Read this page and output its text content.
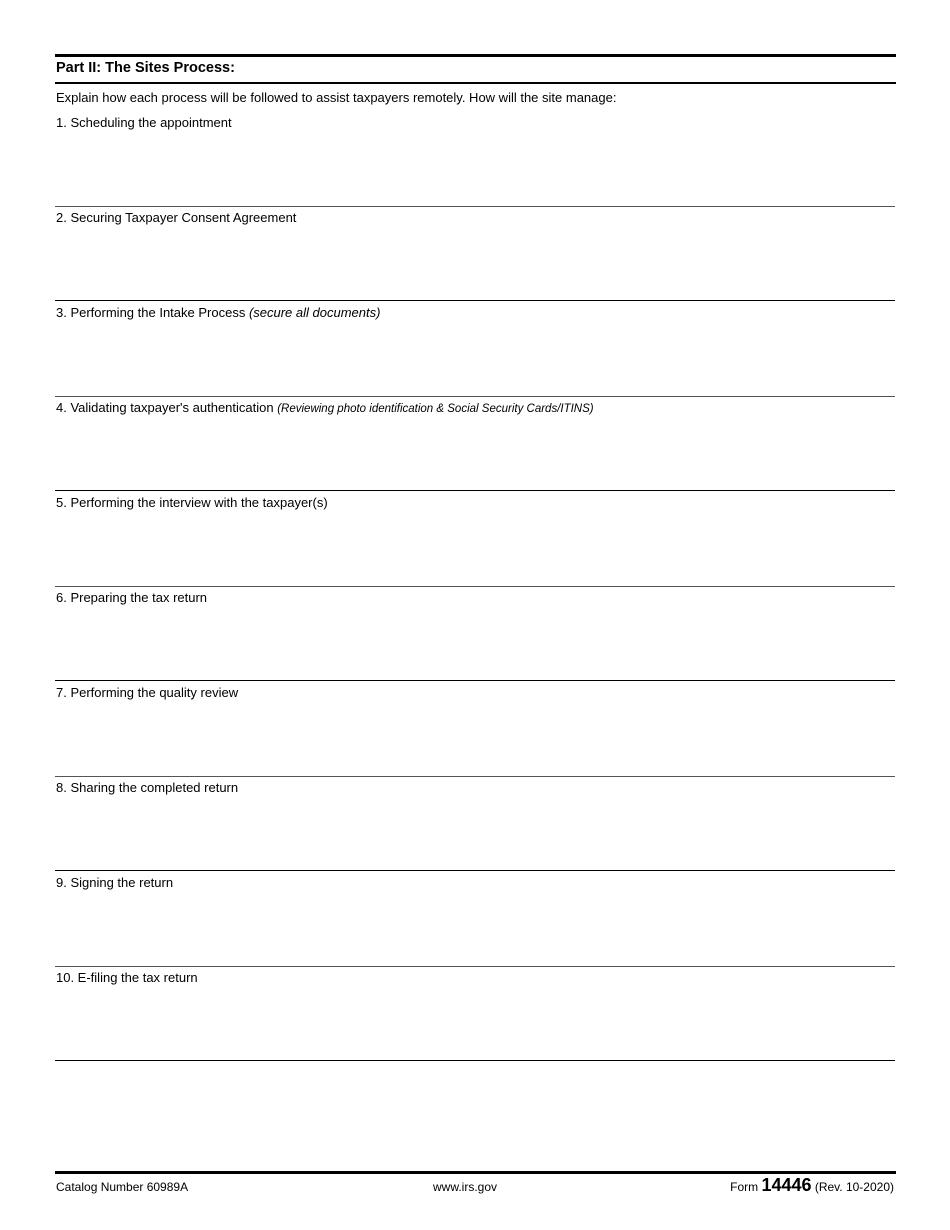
Part II: The Sites Process:
Explain how each process will be followed to assist taxpayers remotely. How will the site manage:
1. Scheduling the appointment
2. Securing Taxpayer Consent Agreement
3. Performing the Intake Process (secure all documents)
4. Validating taxpayer's authentication (Reviewing photo identification & Social Security Cards/ITINS)
5. Performing the interview with the taxpayer(s)
6. Preparing the tax return
7. Performing the quality review
8. Sharing the completed return
9. Signing the return
10. E-filing the tax return
Catalog Number 60989A	www.irs.gov	Form 14446 (Rev. 10-2020)
